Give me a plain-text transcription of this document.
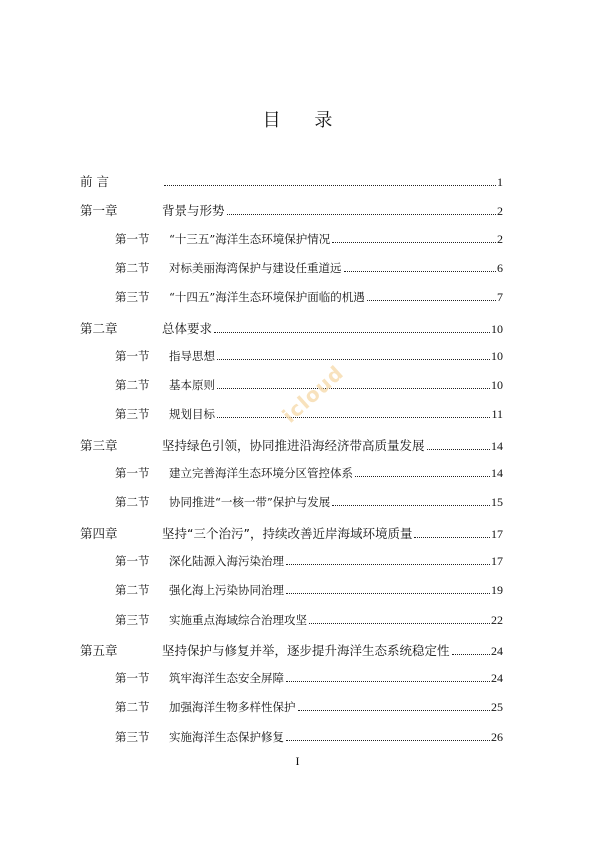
目 录
前 言	1
第一章	背景与形势	2
第一节	“十三五”海洋生态环境保护情况	2
第二节	对标美丽海湾保护与建设任重道远	6
第三节	“十四五”海洋生态环境保护面临的机遇	7
第二章	总体要求	10
第一节	指导思想	10
第二节	基本原则	10
第三节	规划目标	11
第三章	坚持绿色引领，协同推进沿海经济带高质量发展	14
第一节	建立完善海洋生态环境分区管控体系	14
第二节	协同推进“一核一带”保护与发展	15
第四章	坚持“三个治污”，持续改善近岸海域环境质量	17
第一节	深化陆源入海污染治理	17
第二节	强化海上污染协同治理	19
第三节	实施重点海域综合治理攻坚	22
第五章	坚持保护与修复并举，逐步提升海洋生态系统稳定性	24
第一节	筑牢海洋生态安全屏障	24
第二节	加强海洋生物多样性保护	25
第三节	实施海洋生态保护修复	26
icloud
I
